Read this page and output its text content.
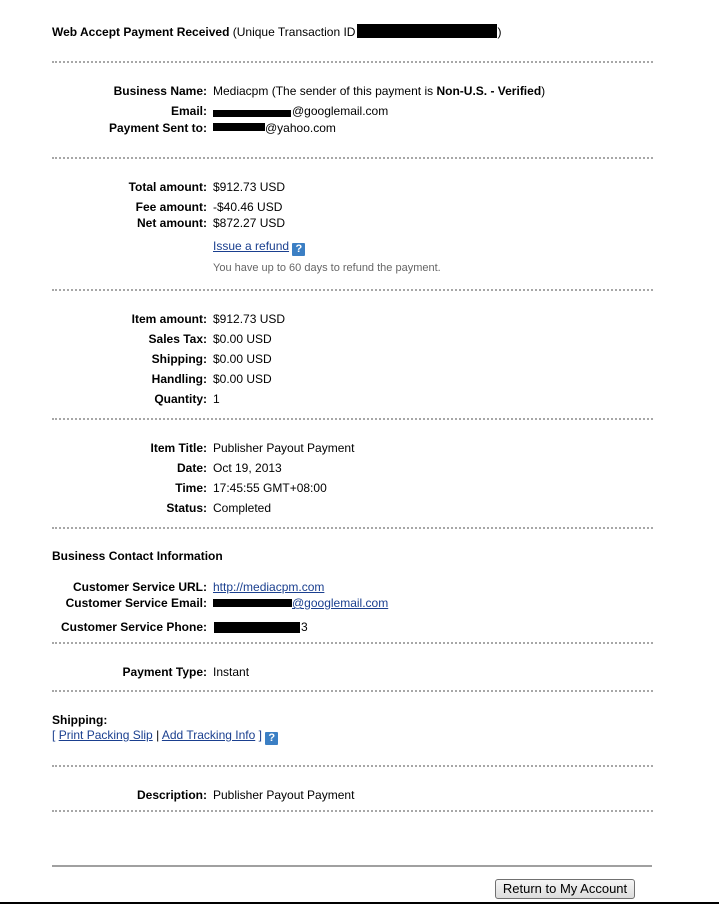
Web Accept Payment Received (Unique Transaction ID	)
Business Name: Mediacpm (The sender of this payment is Non-U.S. - Verified)
Email:	@googlemail.com
Payment Sent to:	@yahoo.com
Total amount: $912.73 USD
Fee amount: -$40.46 USD
Net amount: $872.27 USD
Issue a refund ?
You have up to 60 days to refund the payment.
Item amount: $912.73 USD
Sales Tax: $0.00 USD
Shipping: $0.00 USD
Handling: $0.00 USD
Quantity: 1
Item Title: Publisher Payout Payment
Date: Oct 19, 2013
Time: 17:45:55 GMT+08:00
Status: Completed
Business Contact Information
Customer Service URL: http://mediacpm.com
Customer Service Email:	@googlemail.com
Customer Service Phone:	3
Payment Type: Instant
Shipping:
[ Print Packing Slip | Add Tracking Info ] ?
Description: Publisher Payout Payment
Return to My Account
